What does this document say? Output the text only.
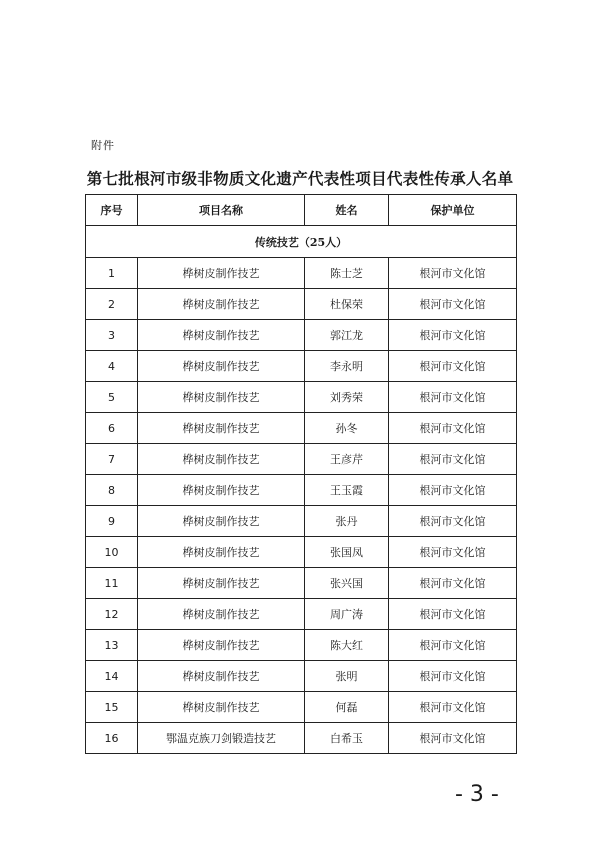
附件
第七批根河市级非物质文化遗产代表性项目代表性传承人名单
序号	项目名称	姓名	保护单位
传统技艺（25人）			
1	桦树皮制作技艺	陈士芝	根河市文化馆
2	桦树皮制作技艺	杜保荣	根河市文化馆
3	桦树皮制作技艺	郭江龙	根河市文化馆
4	桦树皮制作技艺	李永明	根河市文化馆
5	桦树皮制作技艺	刘秀荣	根河市文化馆
6	桦树皮制作技艺	孙冬	根河市文化馆
7	桦树皮制作技艺	王彦芹	根河市文化馆
8	桦树皮制作技艺	王玉霞	根河市文化馆
9	桦树皮制作技艺	张丹	根河市文化馆
10	桦树皮制作技艺	张国凤	根河市文化馆
11	桦树皮制作技艺	张兴国	根河市文化馆
12	桦树皮制作技艺	周广涛	根河市文化馆
13	桦树皮制作技艺	陈大红	根河市文化馆
14	桦树皮制作技艺	张明	根河市文化馆
15	桦树皮制作技艺	何磊	根河市文化馆
16	鄂温克族刀剑锻造技艺	白希玉	根河市文化馆
- 3 -
